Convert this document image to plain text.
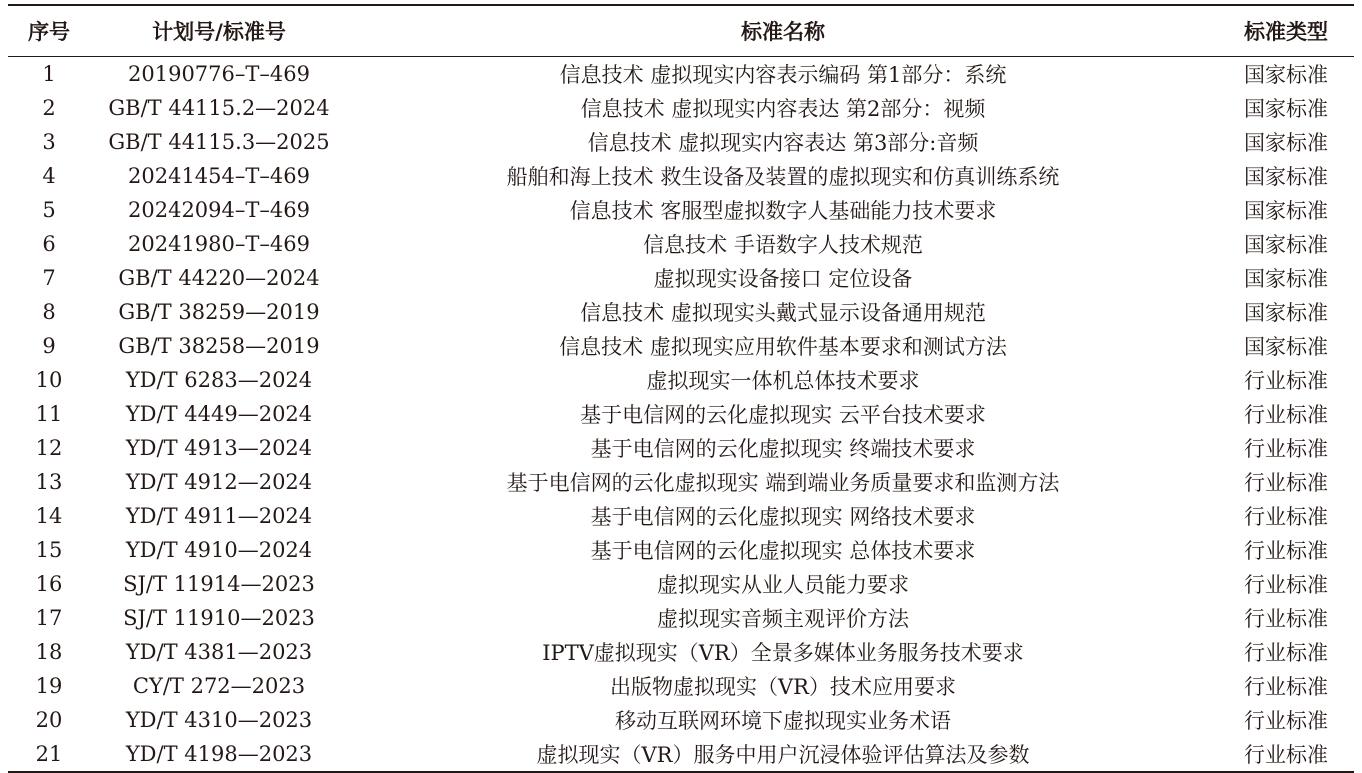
序号	计划号/标准号	标准名称	标准类型
1	20190776–T–469	信息技术 虚拟现实内容表示编码 第1部分：系统	国家标准
2	GB/T 44115.2—2024	信息技术 虚拟现实内容表达 第2部分：视频	国家标准
3	GB/T 44115.3—2025	信息技术 虚拟现实内容表达 第3部分:音频	国家标准
4	20241454–T–469	船舶和海上技术 救生设备及装置的虚拟现实和仿真训练系统	国家标准
5	20242094–T–469	信息技术 客服型虚拟数字人基础能力技术要求	国家标准
6	20241980–T–469	信息技术 手语数字人技术规范	国家标准
7	GB/T 44220—2024	虚拟现实设备接口 定位设备	国家标准
8	GB/T 38259—2019	信息技术 虚拟现实头戴式显示设备通用规范	国家标准
9	GB/T 38258—2019	信息技术 虚拟现实应用软件基本要求和测试方法	国家标准
10	YD/T 6283—2024	虚拟现实一体机总体技术要求	行业标准
11	YD/T 4449—2024	基于电信网的云化虚拟现实 云平台技术要求	行业标准
12	YD/T 4913—2024	基于电信网的云化虚拟现实 终端技术要求	行业标准
13	YD/T 4912—2024	基于电信网的云化虚拟现实 端到端业务质量要求和监测方法	行业标准
14	YD/T 4911—2024	基于电信网的云化虚拟现实 网络技术要求	行业标准
15	YD/T 4910—2024	基于电信网的云化虚拟现实 总体技术要求	行业标准
16	SJ/T 11914—2023	虚拟现实从业人员能力要求	行业标准
17	SJ/T 11910—2023	虚拟现实音频主观评价方法	行业标准
18	YD/T 4381—2023	IPTV虚拟现实（VR）全景多媒体业务服务技术要求	行业标准
19	CY/T 272—2023	出版物虚拟现实（VR）技术应用要求	行业标准
20	YD/T 4310—2023	移动互联网环境下虚拟现实业务术语	行业标准
21	YD/T 4198—2023	虚拟现实（VR）服务中用户沉浸体验评估算法及参数	行业标准
